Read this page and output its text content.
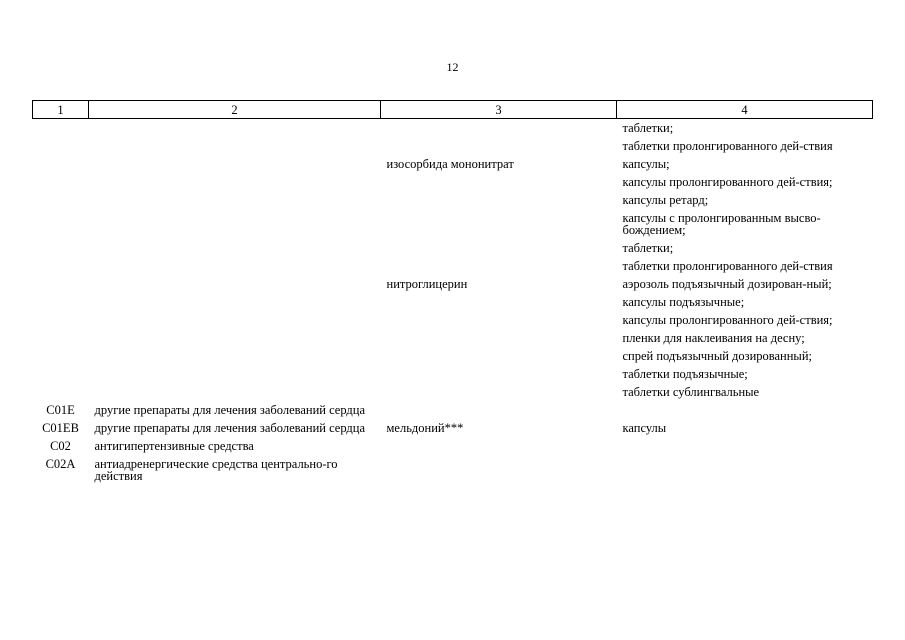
12
1	2	3	4
			таблетки;
			таблетки пролонгированного дей-ствия
		изосорбида мононитрат	капсулы;
			капсулы пролонгированного дей-ствия;
			капсулы ретард;
			капсулы с пролонгированным высво-бождением;
			таблетки;
			таблетки пролонгированного дей-ствия
		нитроглицерин	аэрозоль подъязычный дозирован-ный;
			капсулы подъязычные;
			капсулы пролонгированного дей-ствия;
			пленки для наклеивания на десну;
			спрей подъязычный дозированный;
			таблетки подъязычные;
			таблетки сублингвальные
C01E	другие препараты для лечения заболеваний сердца		
C01EB	другие препараты для лечения заболеваний сердца	мельдоний***	капсулы
C02	антигипертензивные средства		
C02A	антиадренергические средства центрально-го действия		
